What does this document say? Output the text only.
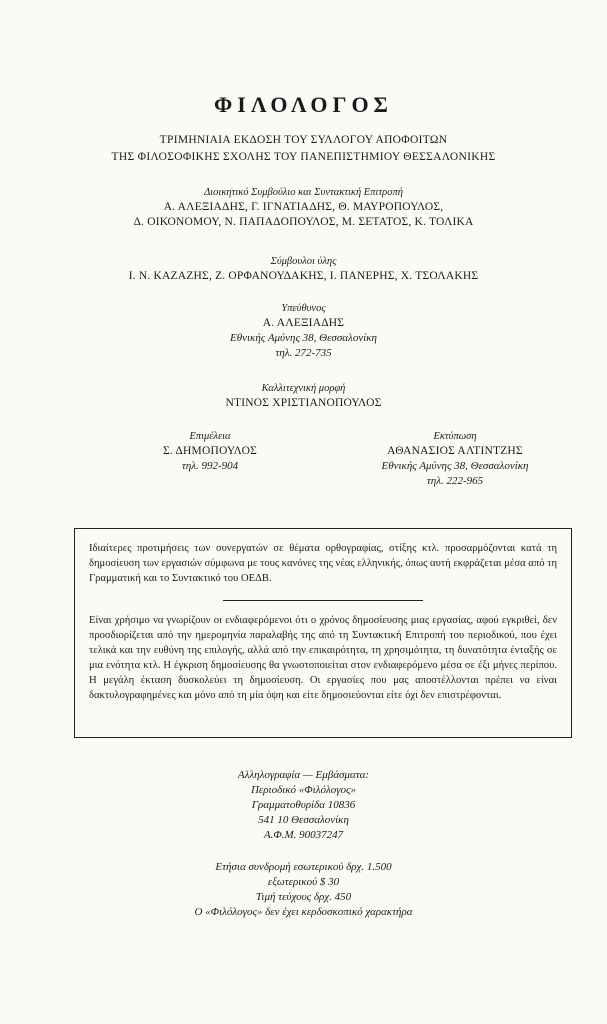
ΦΙΛΟΛΟΓΟΣ
ΤΡΙΜΗΝΙΑΙΑ ΕΚΔΟΣΗ ΤΟΥ ΣΥΛΛΟΓΟΥ ΑΠΟΦΟΙΤΩΝ
ΤΗΣ ΦΙΛΟΣΟΦΙΚΗΣ ΣΧΟΛΗΣ ΤΟΥ ΠΑΝΕΠΙΣΤΗΜΙΟΥ ΘΕΣΣΑΛΟΝΙΚΗΣ
Διοικητικό Συμβούλιο και Συντακτική Επιτροπή
Α. ΑΛΕΞΙΑΔΗΣ, Γ. ΙΓΝΑΤΙΑΔΗΣ, Θ. ΜΑΥΡΟΠΟΥΛΟΣ,
Δ. ΟΙΚΟΝΟΜΟΥ, Ν. ΠΑΠΑΔΟΠΟΥΛΟΣ, Μ. ΣΕΤΑΤΟΣ, Κ. ΤΟΛΙΚΑ
Σύμβουλοι ύλης
Ι. Ν. ΚΑΖΑΖΗΣ, Ζ. ΟΡΦΑΝΟΥΔΑΚΗΣ, Ι. ΠΑΝΕΡΗΣ, Χ. ΤΣΟΛΑΚΗΣ
Υπεύθυνος
Α. ΑΛΕΞΙΑΔΗΣ
Εθνικής Αμύνης 38, Θεσσαλονίκη
τηλ. 272-735
Καλλιτεχνική μορφή
ΝΤΙΝΟΣ ΧΡΙΣΤΙΑΝΟΠΟΥΛΟΣ
Επιμέλεια
Σ. ΔΗΜΟΠΟΥΛΟΣ
τηλ. 992-904
Εκτύπωση
ΑΘΑΝΑΣΙΟΣ ΑΛΤΙΝΤΖΗΣ
Εθνικής Αμύνης 38, Θεσσαλονίκη
τηλ. 222-965

Ιδιαίτερες προτιμήσεις των συνεργατών σε θέματα ορθογραφίας, στίξης κτλ. προσαρμόζονται κατά τη δημοσίευση των εργασιών σύμφωνα με τους κανόνες της νέας ελληνικής, όπως αυτή εκφράζεται μέσα από τη Γραμματική και το Συντακτικό του ΟΕΔΒ.

Είναι χρήσιμο να γνωρίζουν οι ενδιαφερόμενοι ότι ο χρόνος δημοσίευσης μιας εργασίας, αφού εγκριθεί, δεν προσδιορίζεται από την ημερομηνία παραλαβής της από τη Συντακτική Επιτροπή του περιοδικού, που έχει τελικά και την ευθύνη της επιλογής, αλλά από την επικαιρότητα, τη χρησιμότητα, τη δυνατότητα ένταξής σε μια ενότητα κτλ. Η έγκριση δημοσίευσης θα γνωστοποιείται στον ενδιαφερόμενο μέσα σε έξι μήνες περίπου. Η μεγάλη έκταση δυσκολεύει τη δημοσίευση. Οι εργασίες που μας αποστέλλονται πρέπει να είναι δακτυλογραφημένες και μόνο από τη μία όψη και είτε δημοσιεύονται είτε όχι δεν επιστρέφονται.

Αλληλογραφία — Εμβάσματα:
Περιοδικό «Φιλόλογος»
Γραμματοθυρίδα 10836
541 10 Θεσσαλονίκη
Α.Φ.Μ. 90037247
Ετήσια συνδρομή εσωτερικού δρχ. 1.500
εξωτερικού $ 30
Τιμή τεύχους δρχ. 450
Ο «Φιλόλογος» δεν έχει κερδοσκοπικό χαρακτήρα
